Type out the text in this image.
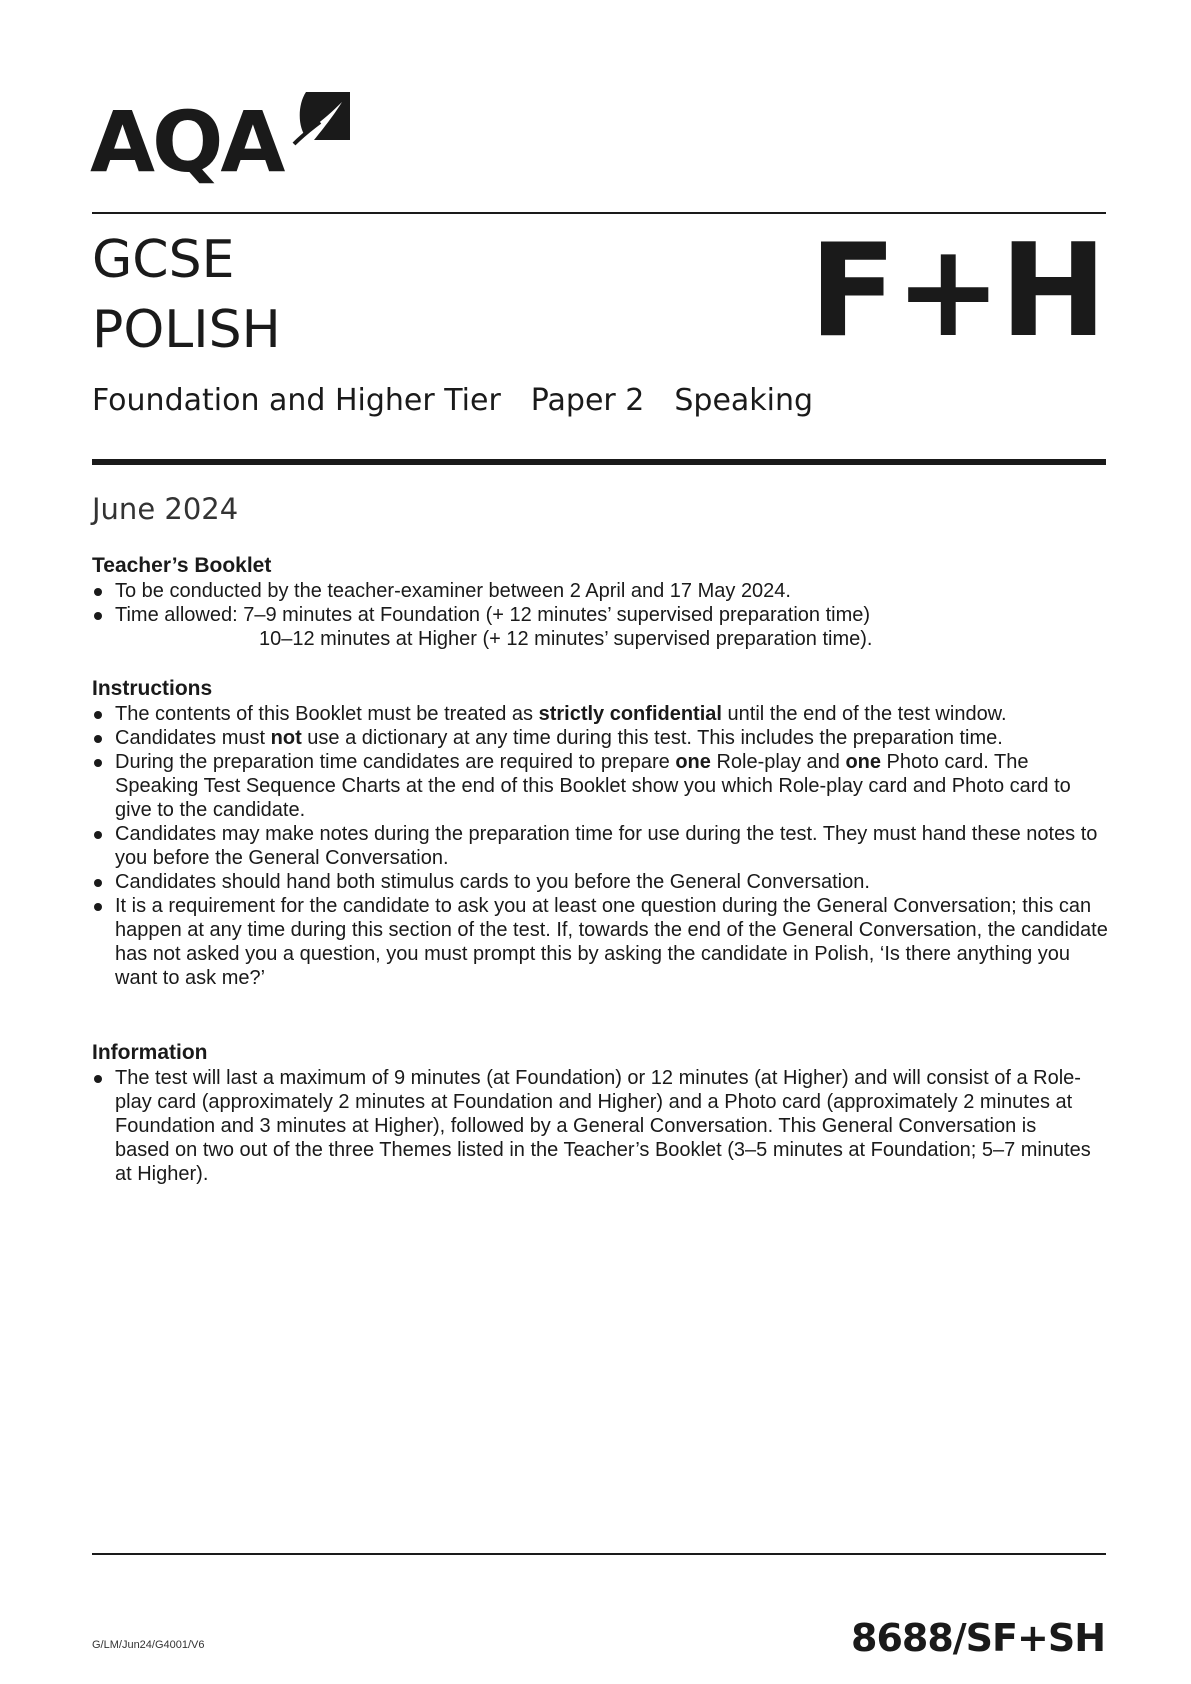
AQA
GCSE
POLISH	F+H
Foundation and Higher Tier Paper 2 Speaking
June 2024
Teacher’s Booklet
To be conducted by the teacher-examiner between 2 April and 17 May 2024.
Time allowed: 7–9 minutes at Foundation (+ 12 minutes’ supervised preparation time)
10–12 minutes at Higher (+ 12 minutes’ supervised preparation time).
Instructions
The contents of this Booklet must be treated as strictly confidential until the end of the test window.
Candidates must not use a dictionary at any time during this test. This includes the preparation time.
During the preparation time candidates are required to prepare one Role-play and one Photo card. The Speaking Test Sequence Charts at the end of this Booklet show you which Role-play card and Photo card to give to the candidate.
Candidates may make notes during the preparation time for use during the test. They must hand these notes to you before the General Conversation.
Candidates should hand both stimulus cards to you before the General Conversation.
It is a requirement for the candidate to ask you at least one question during the General Conversation; this can happen at any time during this section of the test. If, towards the end of the General Conversation, the candidate has not asked you a question, you must prompt this by asking the candidate in Polish, ‘Is there anything you want to ask me?’
Information
The test will last a maximum of 9 minutes (at Foundation) or 12 minutes (at Higher) and will consist of a Role-play card (approximately 2 minutes at Foundation and Higher) and a Photo card (approximately 2 minutes at Foundation and 3 minutes at Higher), followed by a General Conversation. This General Conversation is based on two out of the three Themes listed in the Teacher’s Booklet (3–5 minutes at Foundation; 5–7 minutes at Higher).
G/LM/Jun24/G4001/V6	8688/SF+SH
